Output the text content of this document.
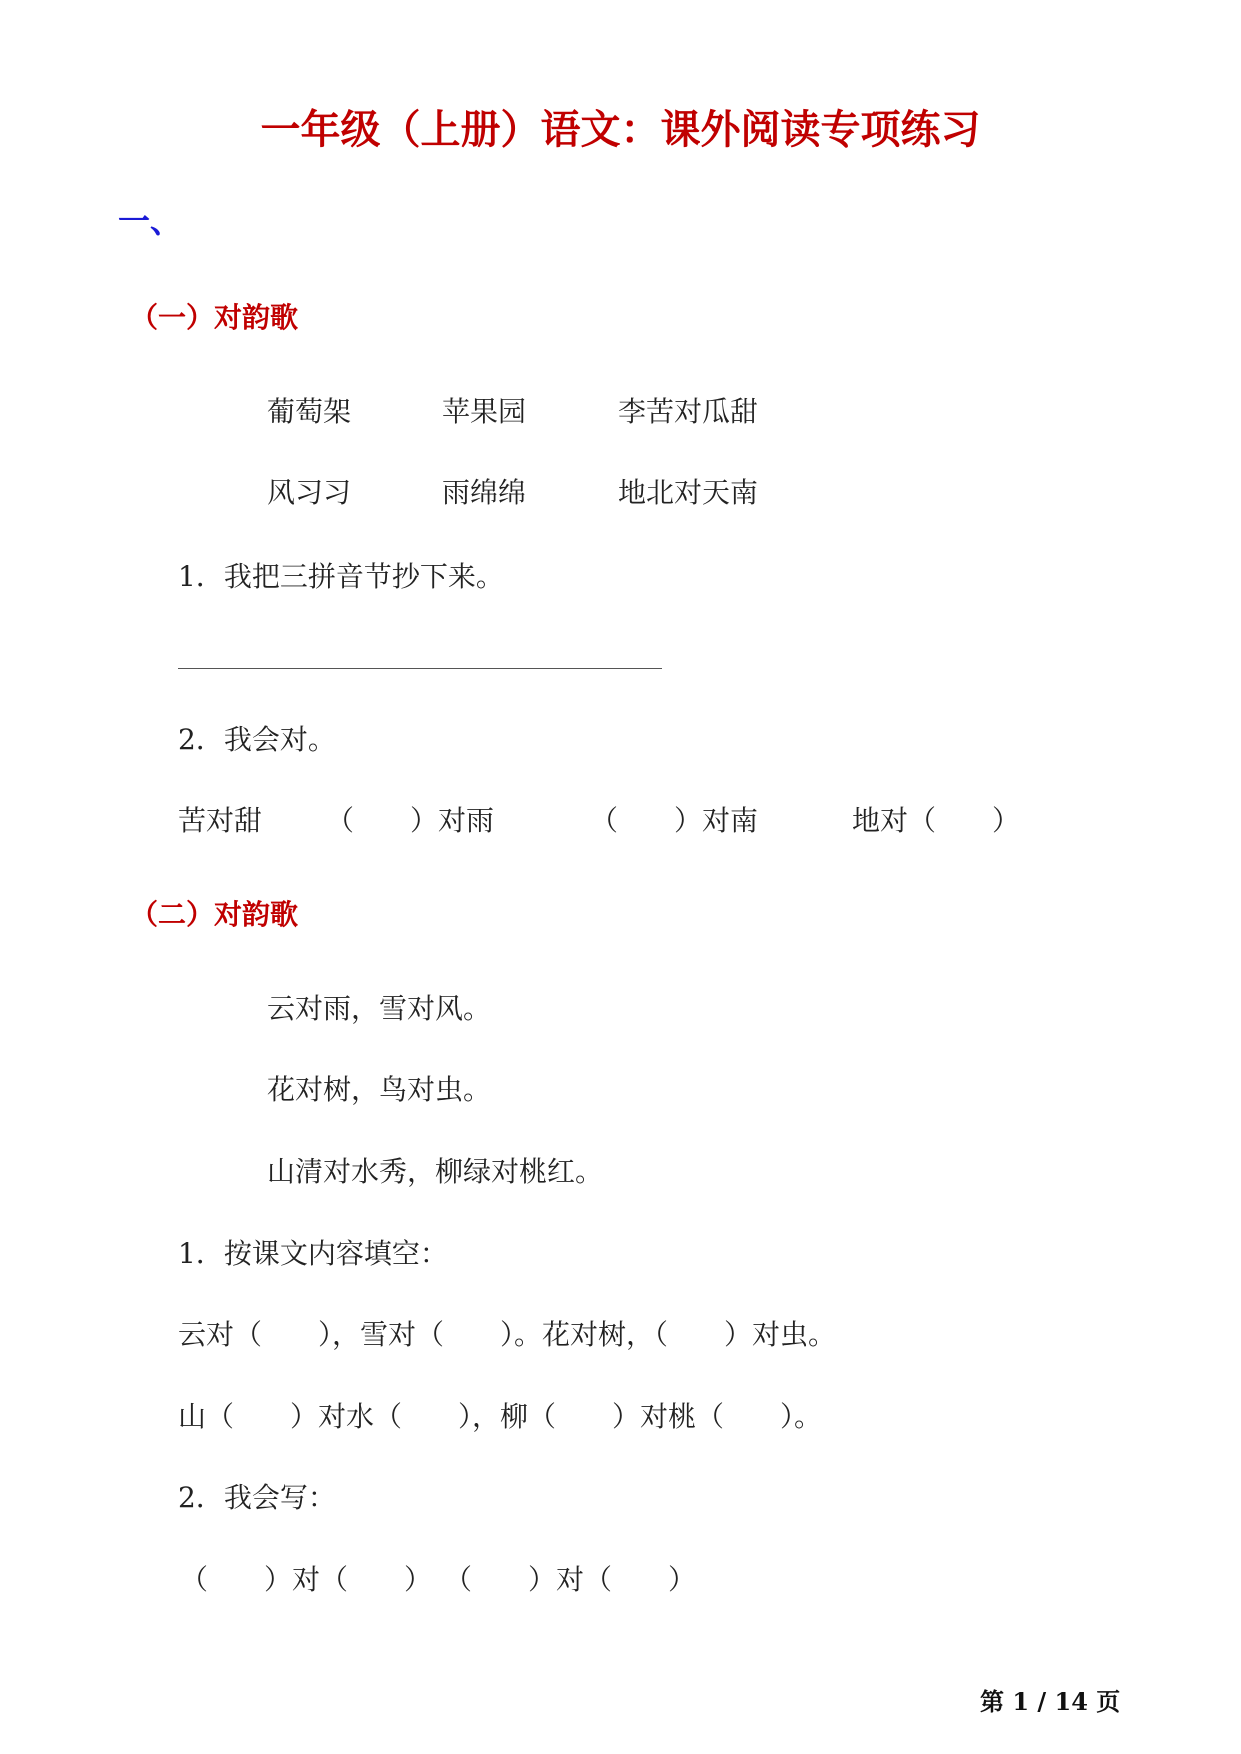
一年级（上册）语文：课外阅读专项练习
一、
（一）对韵歌
葡萄架	苹果园	李苦对瓜甜
风习习	雨绵绵	地北对天南
1．我把三拼音节抄下来。
2．我会对。
苦对甜 （　　）对雨	（　　）对南	地对（　　）
（二）对韵歌
云对雨，雪对风。
花对树，鸟对虫。
山清对水秀，柳绿对桃红。
1．按课文内容填空：
云对（　　），雪对（　　）。花对树，（　　）对虫。
山（　　）对水（　　），柳（　　）对桃（　　）。
2．我会写：
（　　）对（　　） （　　）对（　　）
第 1 / 14 页
